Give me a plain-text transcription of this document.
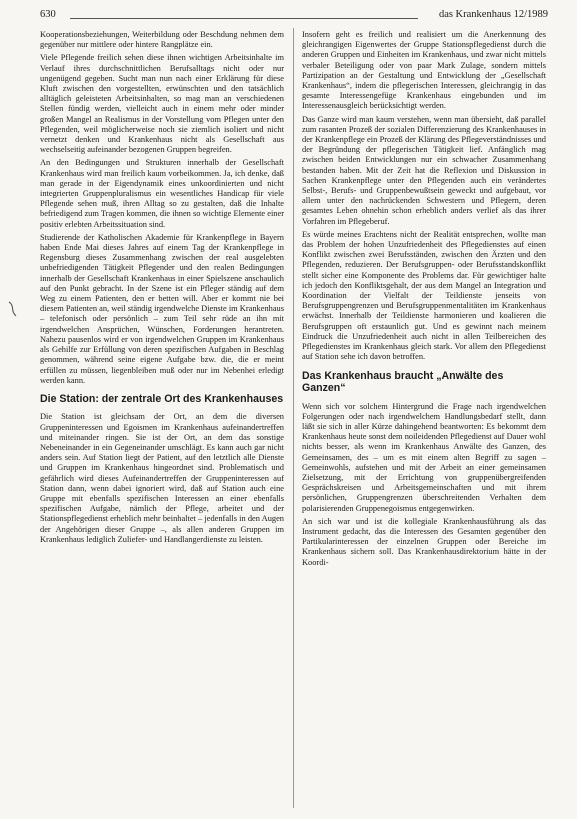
630	das Krankenhaus 12/1989

Kooperationsbeziehungen, Weiterbildung oder Beschdung nehmen dem gegenüber nur mittlere oder hintere Rangplätze ein.

Viele Pflegende freilich sehen diese ihnen wichtigen Arbeitsinhalte im Verlauf ihres durchschnittlichen Berufsalltags nicht oder nur ungenügend gegeben. Sucht man nun nach einer Erklärung für diese Kluft zwischen den vorgestellten, erwünschten und den tatsächlich alltäglich geleisteten Arbeitsinhalten, so mag man an verschiedenen Stellen fündig werden, vielleicht auch in einem mehr oder minder großen Mangel an Realismus in der Vorstellung vom Pflegen unter den Pflegenden, weil möglicherweise noch sie ziemlich isoliert und nicht vernetzt denken und Krankenhaus nicht als Gesellschaft aus wechselseitig aufeinander bezogenen Gruppen begreifen.

An den Bedingungen und Strukturen innerhalb der Gesellschaft Krankenhaus wird man freilich kaum vorbeikommen. Ja, ich denke, daß man gerade in der Eigendynamik eines unkoordinierten und nicht integrierten Gruppenpluralismus ein wesentliches Handicap für viele Pflegende sehen muß, ihren Alltag so zu gestalten, daß die Inhalte befriedigend zum Tragen kommen, die ihnen so wichtige Elemente einer positiv erlebten Arbeitssituation sind.

Studierende der Katholischen Akademie für Krankenpflege in Bayern haben Ende Mai dieses Jahres auf einem Tag der Krankenpflege in Regensburg dieses Zusammenhang zwischen der real ausgelebten unbefriedigenden Tätigkeit Pflegender und den realen Bedingungen innerhalb der Gesellschaft Krankenhaus in einer Spielszene anschaulich auf den Punkt gebracht. In der Szene ist ein Pfleger ständig auf dem Weg zu einem Patienten, den er betten will. Aber er kommt nie bei diesem Patienten an, weil ständig irgendwelche Dienste im Krankenhaus – telefonisch oder persönlich – zum Teil sehr rüde an ihn mit irgendwelchen Ansprüchen, Wünschen, Forderungen herantreten. Nahezu pausenlos wird er von irgendwelchen Gruppen im Krankenhaus als Gehilfe zur Erfüllung von deren spezifischen Aufgaben in Beschlag genommen, während seine eigene Aufgabe bzw. die, die er meint erfüllen zu müssen, liegenbleiben muß oder nur im Nebenhei erledigt werden kann.

Die Station: der zentrale Ort des Krankenhauses

Die Station ist gleichsam der Ort, an dem die diversen Gruppeninteressen und Egoismen im Krankenhaus aufeinandertreffen und miteinander ringen. Sie ist der Ort, an dem das sonstige Nebeneinander in ein Gegeneinander umschlägt. Es kann auch gar nicht anders sein. Auf Station liegt der Patient, auf den letztlich alle Dienste und Gruppen im Krankenhaus hingeordnet sind. Problematisch und gefährlich wird dieses Aufeinandertreffen der Gruppeninteressen auf Station dann, wenn dabei ignoriert wird, daß auf Station auch eine Gruppe mit ebenfalls spezifischen Interessen an einer ebenfalls spezifischen Aufgabe, nämlich der Pflege, arbeitet und der Stationspflegedienst erheblich mehr beinhaltet – jedenfalls in den Augen der Angehörigen dieser Gruppe –, als allen anderen Gruppen im Krankenhaus lediglich Zuliefer- und Handlangerdienste zu leisten.

Insofern geht es freilich und realisiert um die Anerkennung des gleichrangigen Eigenwertes der Gruppe Stationspflegedienst durch die anderen Gruppen und Einheiten im Krankenhaus, und zwar nicht mittels verbaler Beteiligung oder von paar Mark Zulage, sondern mittels Partizipation an der Gestaltung und Entwicklung der „Gesellschaft Krankenhaus“, indem die pflegerischen Interessen, gleichrangig in das gesamte Interessengefüge Krankenhaus eingebunden und im Interessenausgleich berücksichtigt werden.

Das Ganze wird man kaum verstehen, wenn man übersieht, daß parallel zum rasanten Prozeß der sozialen Differenzierung des Krankenhauses in der Krankenpflege ein Prozeß der Klärung des Pflegeverständnisses und der Begründung der pflegerischen Tätigkeit lief. Anfänglich mag zwischen beiden Entwicklungen nur ein schwacher Zusammenhang bestanden haben. Mit der Zeit hat die Reflexion und Diskussion in Sachen Krankenpflege unter den Pflegenden auch ein verändertes Selbst-, Berufs- und Gruppenbewußtsein geweckt und aufgebaut, vor allem unter den nachrückenden Schwestern und Pflegern, deren gesamtes Leben ohnehin schon erheblich anders verlief als das ihrer Vorfahren im Pflegeberuf.

Es würde meines Erachtens nicht der Realität entsprechen, wollte man das Problem der hohen Unzufriedenheit des Pflegedienstes auf einen Konflikt zwischen zwei Berufsständen, zwischen den Ärzten und den Pflegenden, reduzieren. Der Berufsgruppen- oder Berufsstandskonflikt stellt sicher eine Komponente des Problems dar. Für gewichtiger halte ich jedoch den Konfliktsgehalt, der aus dem Mangel an Integration und Koordination der Vielfalt der Teildienste jenseits von Berufsgruppengrenzen und Berufsgruppenmentalitäten im Krankenhaus erwächst. Innerhalb der Teildienste harmonieren und koalieren die Berufsgruppen oft erstaunlich gut. Und es gewinnt nach meinem Eindruck die Unzufriedenheit auch nicht in allen Teilbereichen des Pflegedienstes im Krankenhaus gleich stark. Vor allem den Pflegedienst auf Station sehe ich davon betroffen.

Das Krankenhaus braucht „Anwälte des Ganzen“

Wenn sich vor solchem Hintergrund die Frage nach irgendwelchen Folgerungen oder nach irgendwelchem Handlungsbedarf stellt, dann läßt sie sich in aller Kürze dahingehend beantworten: Es bekommt dem Krankenhaus heute sonst dem noileidenden Pflegedienst auf Dauer wohl nichts besser, als wenn im Krankenhaus Anwälte des Ganzen, des Gemeinsamen, des – um es mit einem alten Begriff zu sagen – Gemeinwohls, aufstehen und mit der Arbeit an einer gemeinsamen Zielsetzung, mit der Errichtung von gruppenübergreifenden Gesprächskreisen und Arbeitsgemeinschaften und mit ihrem persönlichen, Gruppengrenzen überschreitenden Verhalten dem polarisierenden Gruppenegoismus entgegenwirken.

An sich war und ist die kollegiale Krankenhausführung als das Instrument gedacht, das die Interessen des Gesamten gegenüber den Partikularinteressen der einzelnen Gruppen oder Bereiche im Krankenhaus sichern soll. Das Krankenhausdirektorium hätte in der Koordi-
